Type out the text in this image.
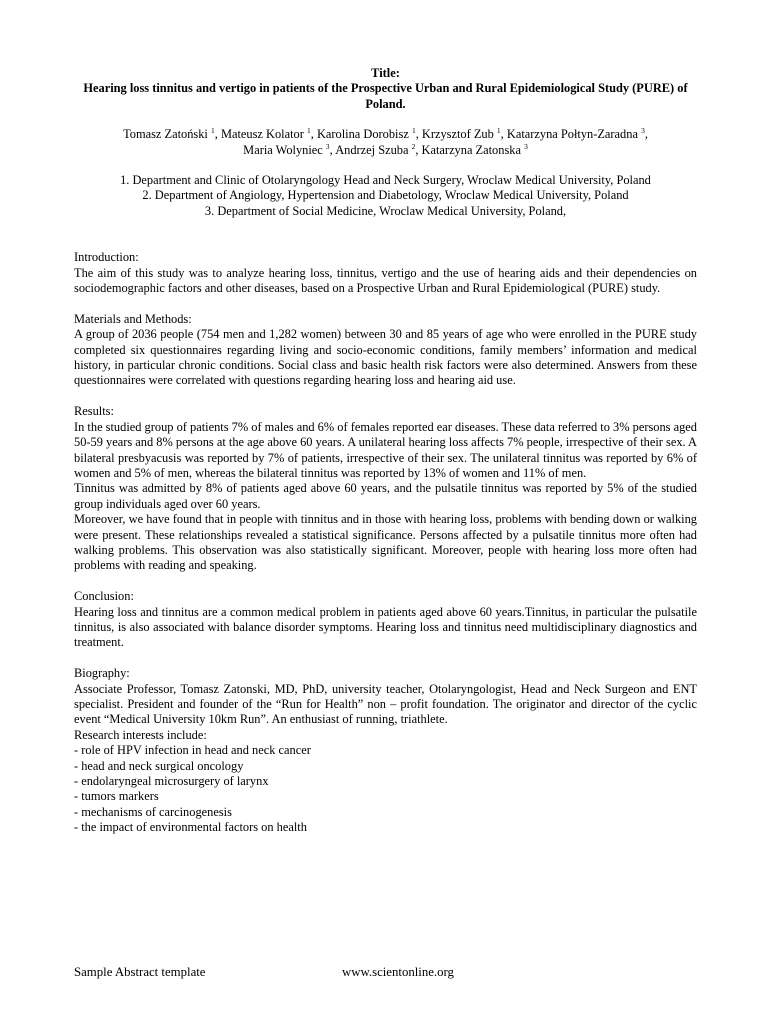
Title:
Hearing loss tinnitus and vertigo in patients of the Prospective Urban and Rural Epidemiological Study (PURE) of Poland.
Tomasz Zatoński $^1$, Mateusz Kolator $^1$, Karolina Dorobisz $^1$, Krzysztof Zub $^1$, Katarzyna Połtyn-Zaradna $^3$,
Maria Wolyniec $^3$, Andrzej Szuba $^2$, Katarzyna Zatonska $^3$
1. Department and Clinic of Otolaryngology Head and Neck Surgery, Wroclaw Medical University, Poland
2. Department of Angiology, Hypertension and Diabetology, Wroclaw Medical University, Poland
3. Department of Social Medicine, Wroclaw Medical University, Poland,
Introduction:

The aim of this study was to analyze hearing loss, tinnitus, vertigo and the use of hearing aids and their dependencies on sociodemographic factors and other diseases, based on a Prospective Urban and Rural Epidemiological (PURE) study.

Materials and Methods:

A group of 2036 people (754 men and 1,282 women) between 30 and 85 years of age who were enrolled in the PURE study completed six questionnaires regarding living and socio-economic conditions, family members’ information and medical history, in particular chronic conditions. Social class and basic health risk factors were also determined. Answers from these questionnaires were correlated with questions regarding hearing loss and hearing aid use.

Results:

In the studied group of patients 7% of males and 6% of females reported ear diseases. These data referred to 3% persons aged 50-59 years and 8% persons at the age above 60 years. A unilateral hearing loss affects 7% people, irrespective of their sex. A bilateral presbyacusis was reported by 7% of patients, irrespective of their sex. The unilateral tinnitus was reported by 6% of women and 5% of men, whereas the bilateral tinnitus was reported by 13% of women and 11% of men.

Tinnitus was admitted by 8% of patients aged above 60 years, and the pulsatile tinnitus was reported by 5% of the studied group individuals aged over 60 years.

Moreover, we have found that in people with tinnitus and in those with hearing loss, problems with bending down or walking were present. These relationships revealed a statistical significance. Persons affected by a pulsatile tinnitus more often had walking problems. This observation was also statistically significant. Moreover, people with hearing loss more often had problems with reading and speaking.

Conclusion:

Hearing loss and tinnitus are a common medical problem in patients aged above 60 years.Tinnitus, in particular the pulsatile tinnitus, is also associated with balance disorder symptoms. Hearing loss and tinnitus need multidisciplinary diagnostics and treatment.

Biography:

Associate Professor, Tomasz Zatonski, MD, PhD, university teacher, Otolaryngologist, Head and Neck Surgeon and ENT specialist. President and founder of the “Run for Health” non – profit foundation. The originator and director of the cyclic event “Medical University 10km Run”. An enthusiast of running, triathlete.

Research interests include:
- role of HPV infection in head and neck cancer
- head and neck surgical oncology
- endolaryngeal microsurgery of larynx
- tumors markers
- mechanisms of carcinogenesis
- the impact of environmental factors on health
Sample Abstract template	www.scientonline.org
